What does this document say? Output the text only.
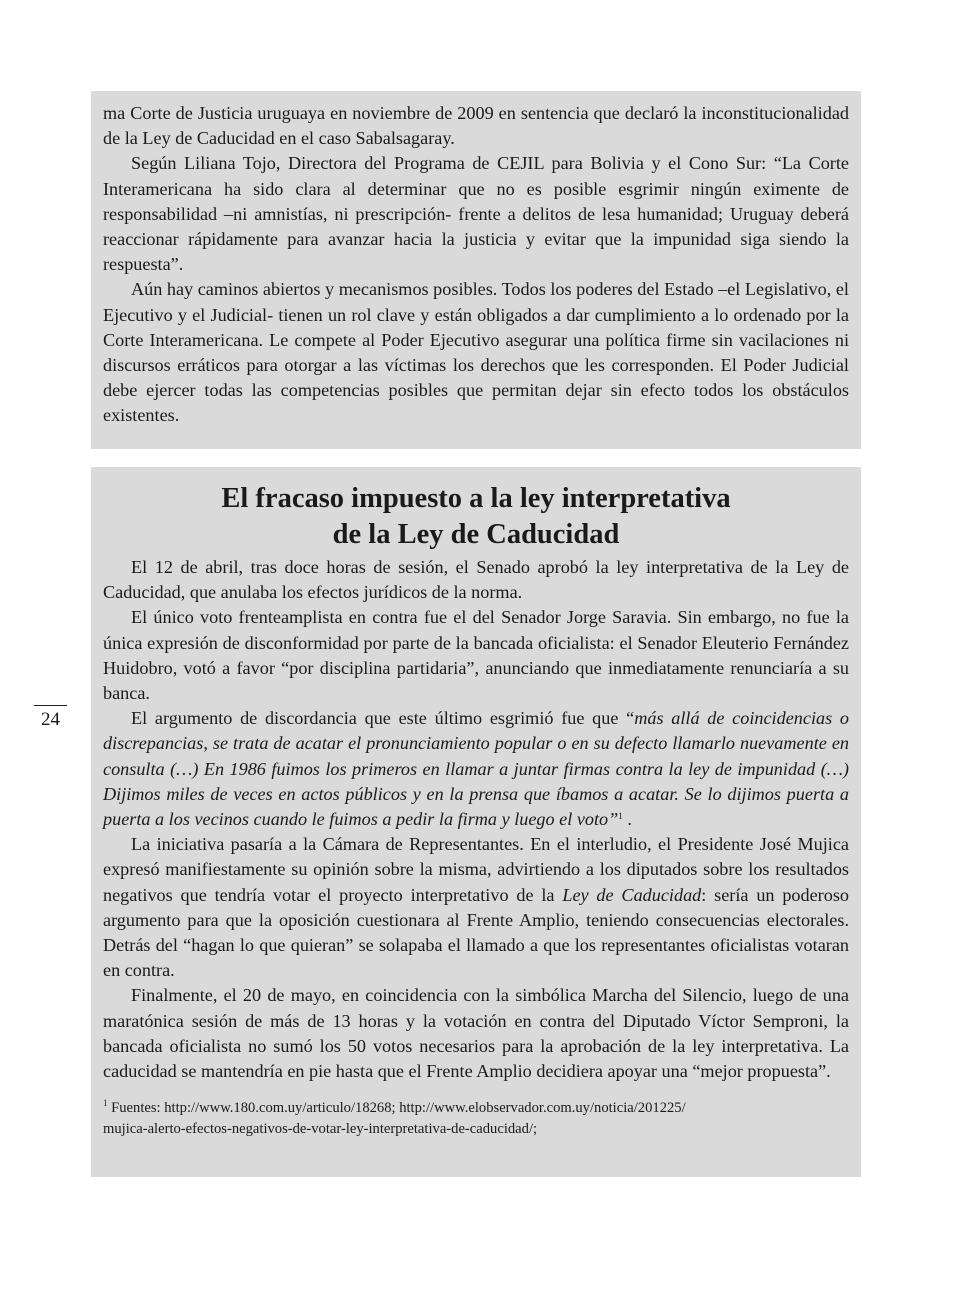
ma Corte de Justicia uruguaya en noviembre de 2009 en sentencia que declaró la inconstitucionalidad de la Ley de Caducidad en el caso Sabalsagaray.

Según Liliana Tojo, Directora del Programa de CEJIL para Bolivia y el Cono Sur: “La Corte Interamericana ha sido clara al determinar que no es posible esgrimir ningún eximente de responsabilidad –ni amnistías, ni prescripción- frente a delitos de lesa humanidad; Uruguay deberá reaccionar rápidamente para avanzar hacia la justicia y evitar que la impunidad siga siendo la respuesta”.

Aún hay caminos abiertos y mecanismos posibles. Todos los poderes del Estado –el Legislativo, el Ejecutivo y el Judicial- tienen un rol clave y están obligados a dar cumplimiento a lo ordenado por la Corte Interamericana. Le compete al Poder Ejecutivo asegurar una política firme sin vacilaciones ni discursos erráticos para otorgar a las víctimas los derechos que les corresponden. El Poder Judicial debe ejercer todas las competencias posibles que permitan dejar sin efecto todos los obstáculos existentes.

El fracaso impuesto a la ley interpretativa
de la Ley de Caducidad

El 12 de abril, tras doce horas de sesión, el Senado aprobó la ley interpretativa de la Ley de Caducidad, que anulaba los efectos jurídicos de la norma.

El único voto frenteamplista en contra fue el del Senador Jorge Saravia. Sin embargo, no fue la única expresión de disconformidad por parte de la bancada oficialista: el Senador Eleuterio Fernández Huidobro, votó a favor “por disciplina partidaria”, anunciando que inmediatamente renunciaría a su banca.

El argumento de discordancia que este último esgrimió fue que “más allá de coincidencias o discrepancias, se trata de acatar el pronunciamiento popular o en su defecto llamarlo nuevamente en consulta (…) En 1986 fuimos los primeros en llamar a juntar firmas contra la ley de impunidad (…) Dijimos miles de veces en actos públicos y en la prensa que íbamos a acatar. Se lo dijimos puerta a puerta a los vecinos cuando le fuimos a pedir la firma y luego el voto”$^1$ .

La iniciativa pasaría a la Cámara de Representantes. En el interludio, el Presidente José Mujica expresó manifiestamente su opinión sobre la misma, advirtiendo a los diputados sobre los resultados negativos que tendría votar el proyecto interpretativo de la Ley de Caducidad: sería un poderoso argumento para que la oposición cuestionara al Frente Amplio, teniendo consecuencias electorales. Detrás del “hagan lo que quieran” se solapaba el llamado a que los representantes oficialistas votaran en contra.

Finalmente, el 20 de mayo, en coincidencia con la simbólica Marcha del Silencio, luego de una maratónica sesión de más de 13 horas y la votación en contra del Diputado Víctor Semproni, la bancada oficialista no sumó los 50 votos necesarios para la aprobación de la ley interpretativa. La caducidad se mantendría en pie hasta que el Frente Amplio decidiera apoyar una “mejor propuesta”.

$^1$ Fuentes: http://www.180.com.uy/articulo/18268; http://www.elobservador.com.uy/noticia/201225/
mujica-alerto-efectos-negativos-de-votar-ley-interpretativa-de-caducidad/;

24
